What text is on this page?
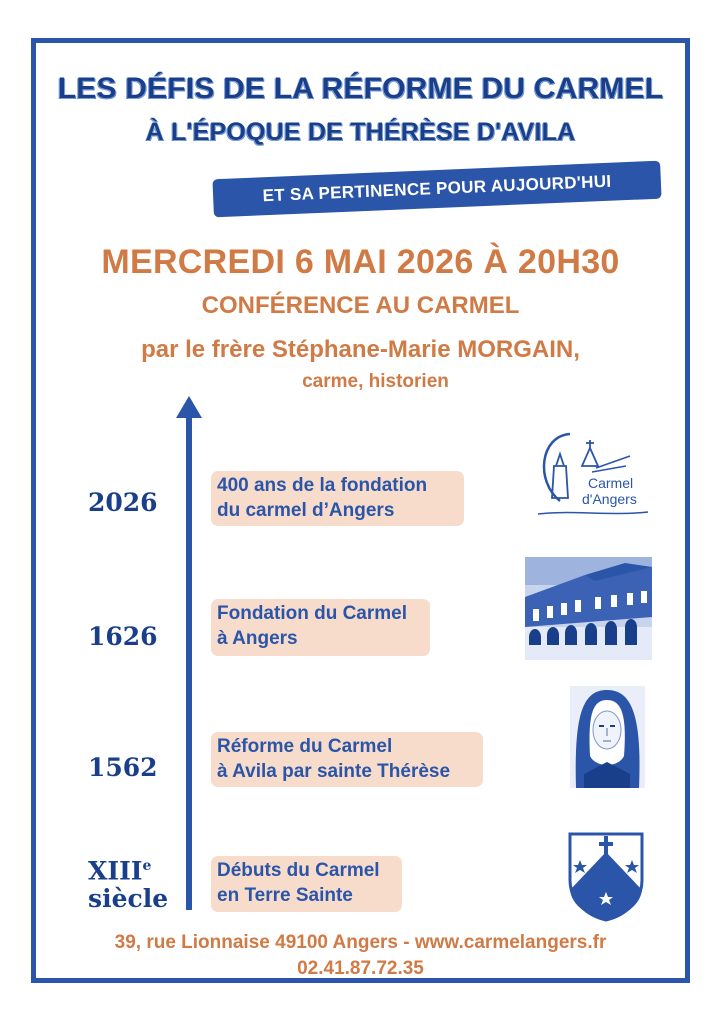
LES DÉFIS DE LA RÉFORME DU CARMEL
À L'ÉPOQUE DE THÉRÈSE D'AVILA
ET SA PERTINENCE POUR AUJOURD'HUI
MERCREDI 6 MAI 2026 À 20H30
CONFÉRENCE AU CARMEL
par le frère Stéphane-Marie MORGAIN,
carme, historien
2026
400 ans de la fondation
du carmel d’Angers
Carmel
d'Angers
1626
Fondation du Carmel
à Angers
1562
Réforme du Carmel
à Avila par sainte Thérèse
XIIIe
siècle
Débuts du Carmel
en Terre Sainte
39, rue Lionnaise 49100 Angers - www.carmelangers.fr
02.41.87.72.35
